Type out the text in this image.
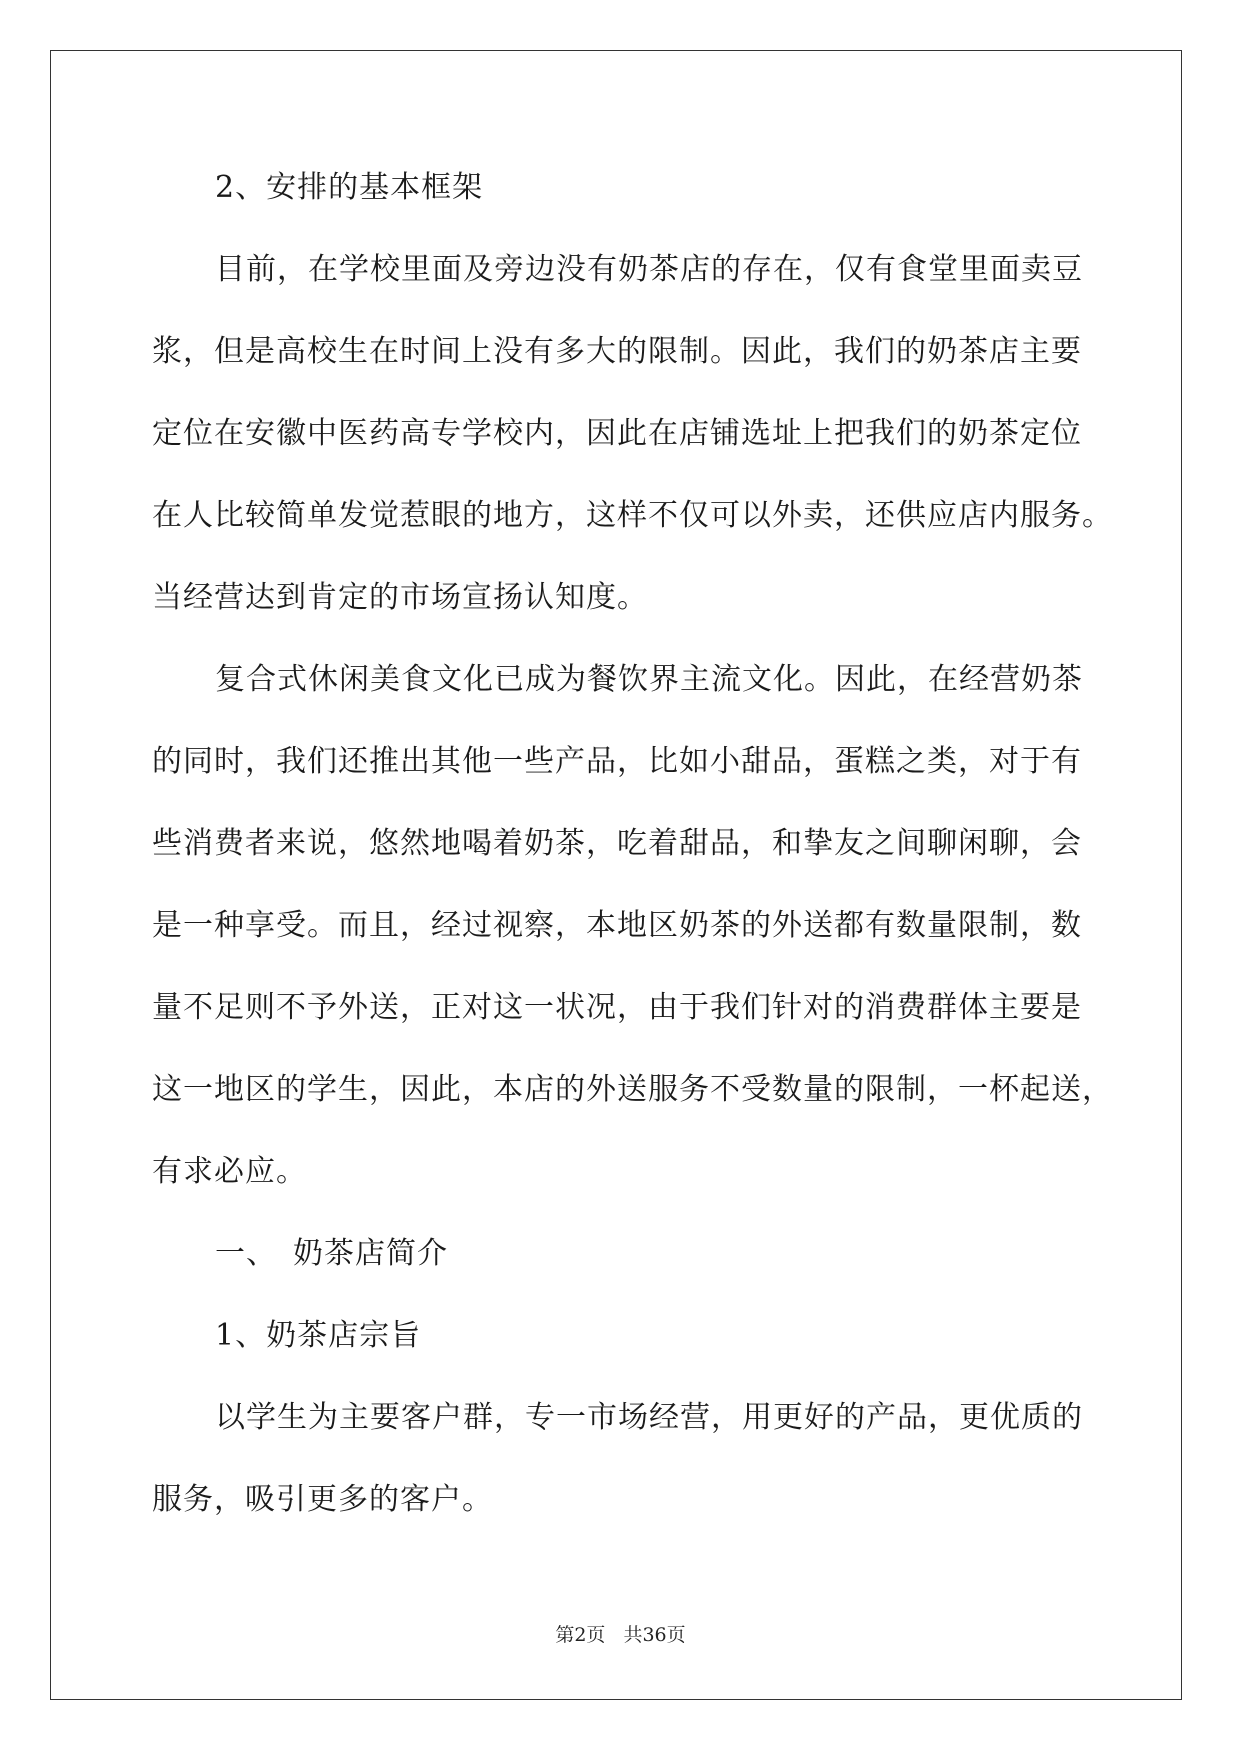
2、安排的基本框架
目前，在学校里面及旁边没有奶茶店的存在，仅有食堂里面卖豆
浆，但是高校生在时间上没有多大的限制。因此，我们的奶茶店主要
定位在安徽中医药高专学校内，因此在店铺选址上把我们的奶茶定位
在人比较简单发觉惹眼的地方，这样不仅可以外卖，还供应店内服务。
当经营达到肯定的市场宣扬认知度。
复合式休闲美食文化已成为餐饮界主流文化。因此，在经营奶茶
的同时，我们还推出其他一些产品，比如小甜品，蛋糕之类，对于有
些消费者来说，悠然地喝着奶茶，吃着甜品，和挚友之间聊闲聊，会
是一种享受。而且，经过视察，本地区奶茶的外送都有数量限制，数
量不足则不予外送，正对这一状况，由于我们针对的消费群体主要是
这一地区的学生，因此，本店的外送服务不受数量的限制，一杯起送，
有求必应。
一、　奶茶店简介
1、奶茶店宗旨
以学生为主要客户群，专一市场经营，用更好的产品，更优质的
服务，吸引更多的客户。
第2页 共36页
